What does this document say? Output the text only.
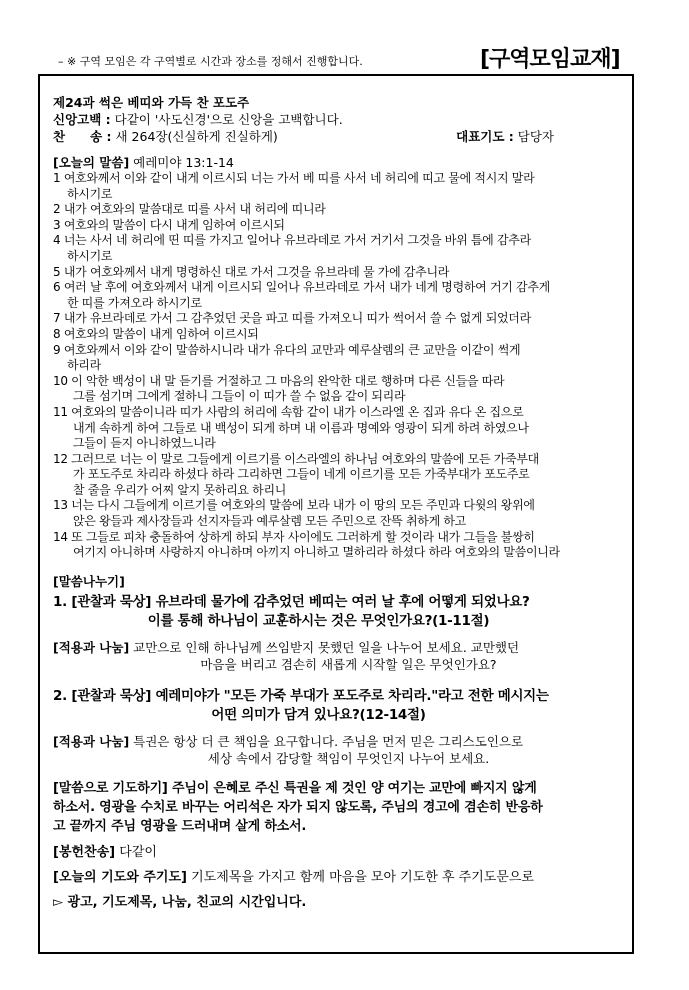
– ※ 구역 모임은 각 구역별로 시간과 장소를 정해서 진행합니다.	[구역모임교재]
제24과 썩은 베띠와 가득 찬 포도주
신앙고백 : 다같이 '사도신경'으로 신앙을 고백합니다.
찬　　송 : 새 264장(신실하게 진실하게)	대표기도 : 담당자
[오늘의 말씀] 예레미야 13:1-14
1 여호와께서 이와 같이 내게 이르시되 너는 가서 베 띠를 사서 네 허리에 띠고 물에 적시지 말라
하시기로
2 내가 여호와의 말씀대로 띠를 사서 내 허리에 띠니라
3 여호와의 말씀이 다시 내게 임하여 이르시되
4 너는 사서 네 허리에 띤 띠를 가지고 일어나 유브라데로 가서 거기서 그것을 바위 틈에 감추라
하시기로
5 내가 여호와께서 내게 명령하신 대로 가서 그것을 유브라데 물 가에 감추니라
6 여러 날 후에 여호와께서 내게 이르시되 일어나 유브라데로 가서 내가 네게 명령하여 거기 감추게
한 띠를 가져오라 하시기로
7 내가 유브라데로 가서 그 감추었던 곳을 파고 띠를 가져오니 띠가 썩어서 쓸 수 없게 되었더라
8 여호와의 말씀이 내게 임하여 이르시되
9 여호와께서 이와 같이 말씀하시니라 내가 유다의 교만과 예루살렘의 큰 교만을 이같이 썩게
하리라
10 이 악한 백성이 내 말 듣기를 거절하고 그 마음의 완악한 대로 행하며 다른 신들을 따라
그를 섬기며 그에게 절하니 그들이 이 띠가 쓸 수 없음 같이 되리라
11 여호와의 말씀이니라 띠가 사람의 허리에 속함 같이 내가 이스라엘 온 집과 유다 온 집으로
내게 속하게 하여 그들로 내 백성이 되게 하며 내 이름과 명예와 영광이 되게 하려 하였으나
그들이 듣지 아니하였느니라
12 그러므로 너는 이 말로 그들에게 이르기를 이스라엘의 하나님 여호와의 말씀에 모든 가죽부대
가 포도주로 차리라 하셨다 하라 그리하면 그들이 네게 이르기를 모든 가죽부대가 포도주로
찰 줄을 우리가 어찌 알지 못하리요 하리니
13 너는 다시 그들에게 이르기를 여호와의 말씀에 보라 내가 이 땅의 모든 주민과 다윗의 왕위에
앉은 왕들과 제사장들과 선지자들과 예루살렘 모든 주민으로 잔뜩 취하게 하고
14 또 그들로 피차 충돌하여 상하게 하되 부자 사이에도 그러하게 할 것이라 내가 그들을 불쌍히
여기지 아니하며 사랑하지 아니하며 아끼지 아니하고 멸하리라 하셨다 하라 여호와의 말씀이니라
[말씀나누기]
1. [관찰과 묵상] 유브라데 물가에 감추었던 베띠는 여러 날 후에 어떻게 되었나요?
이를 통해 하나님이 교훈하시는 것은 무엇인가요?(1-11절)
[적용과 나눔] 교만으로 인해 하나님께 쓰임받지 못했던 일을 나누어 보세요. 교만했던
마음을 버리고 겸손히 새롭게 시작할 일은 무엇인가요?
2. [관찰과 묵상] 예레미야가 "모든 가죽 부대가 포도주로 차리라."라고 전한 메시지는
어떤 의미가 담겨 있나요?(12-14절)
[적용과 나눔] 특권은 항상 더 큰 책임을 요구합니다. 주님을 먼저 믿은 그리스도인으로
세상 속에서 감당할 책임이 무엇인지 나누어 보세요.
[말씀으로 기도하기] 주님이 은혜로 주신 특권을 제 것인 양 여기는 교만에 빠지지 않게
하소서. 영광을 수치로 바꾸는 어리석은 자가 되지 않도록, 주님의 경고에 겸손히 반응하
고 끝까지 주님 영광을 드러내며 살게 하소서.
[봉헌찬송] 다같이
[오늘의 기도와 주기도] 기도제목을 가지고 함께 마음을 모아 기도한 후 주기도문으로
▻ 광고, 기도제목, 나눔, 친교의 시간입니다.
